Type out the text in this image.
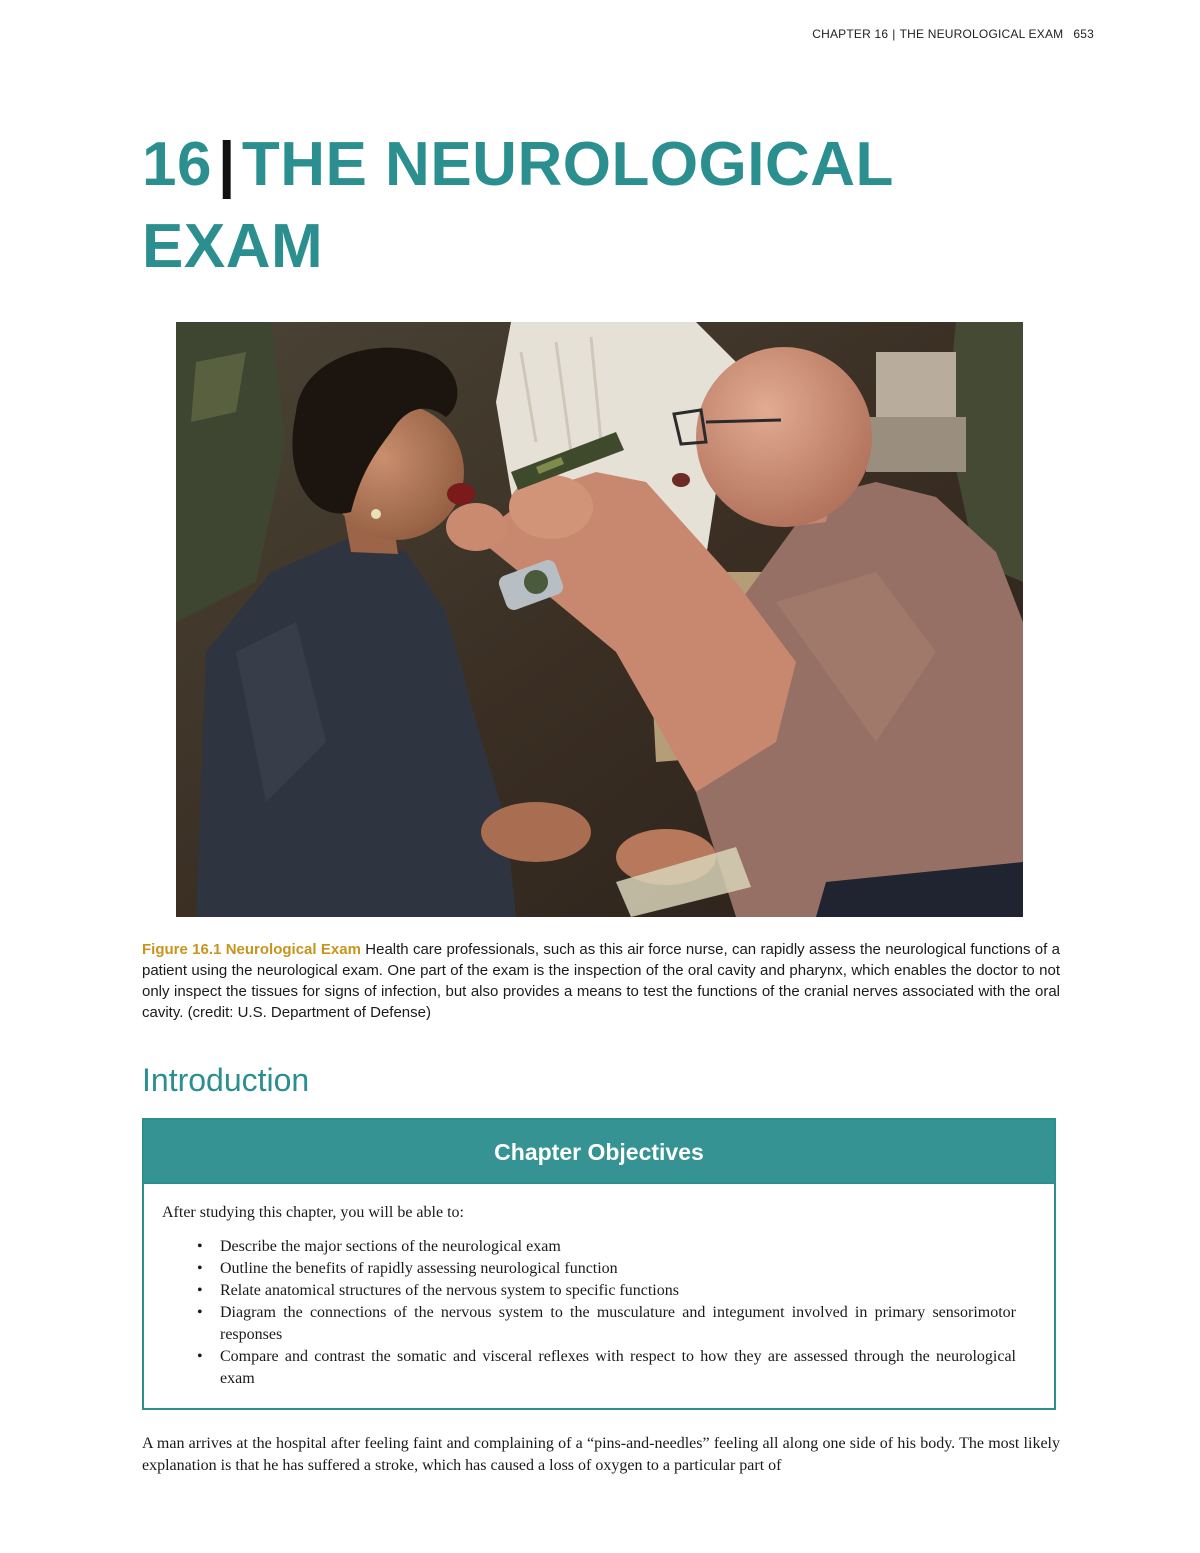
CHAPTER 16 | THE NEUROLOGICAL EXAM 653
16|THE NEUROLOGICAL
EXAM
Figure 16.1 Neurological Exam Health care professionals, such as this air force nurse, can rapidly assess the neurological functions of a patient using the neurological exam. One part of the exam is the inspection of the oral cavity and pharynx, which enables the doctor to not only inspect the tissues for signs of infection, but also provides a means to test the functions of the cranial nerves associated with the oral cavity. (credit: U.S. Department of Defense)
Introduction
Chapter Objectives

After studying this chapter, you will be able to:

• Describe the major sections of the neurological exam
• Outline the benefits of rapidly assessing neurological function
• Relate anatomical structures of the nervous system to specific functions
• Diagram the connections of the nervous system to the musculature and integument involved in primary sensorimotor responses
• Compare and contrast the somatic and visceral reflexes with respect to how they are assessed through the neurological exam

A man arrives at the hospital after feeling faint and complaining of a “pins-and-needles” feeling all along one side of his body. The most likely explanation is that he has suffered a stroke, which has caused a loss of oxygen to a particular part of
